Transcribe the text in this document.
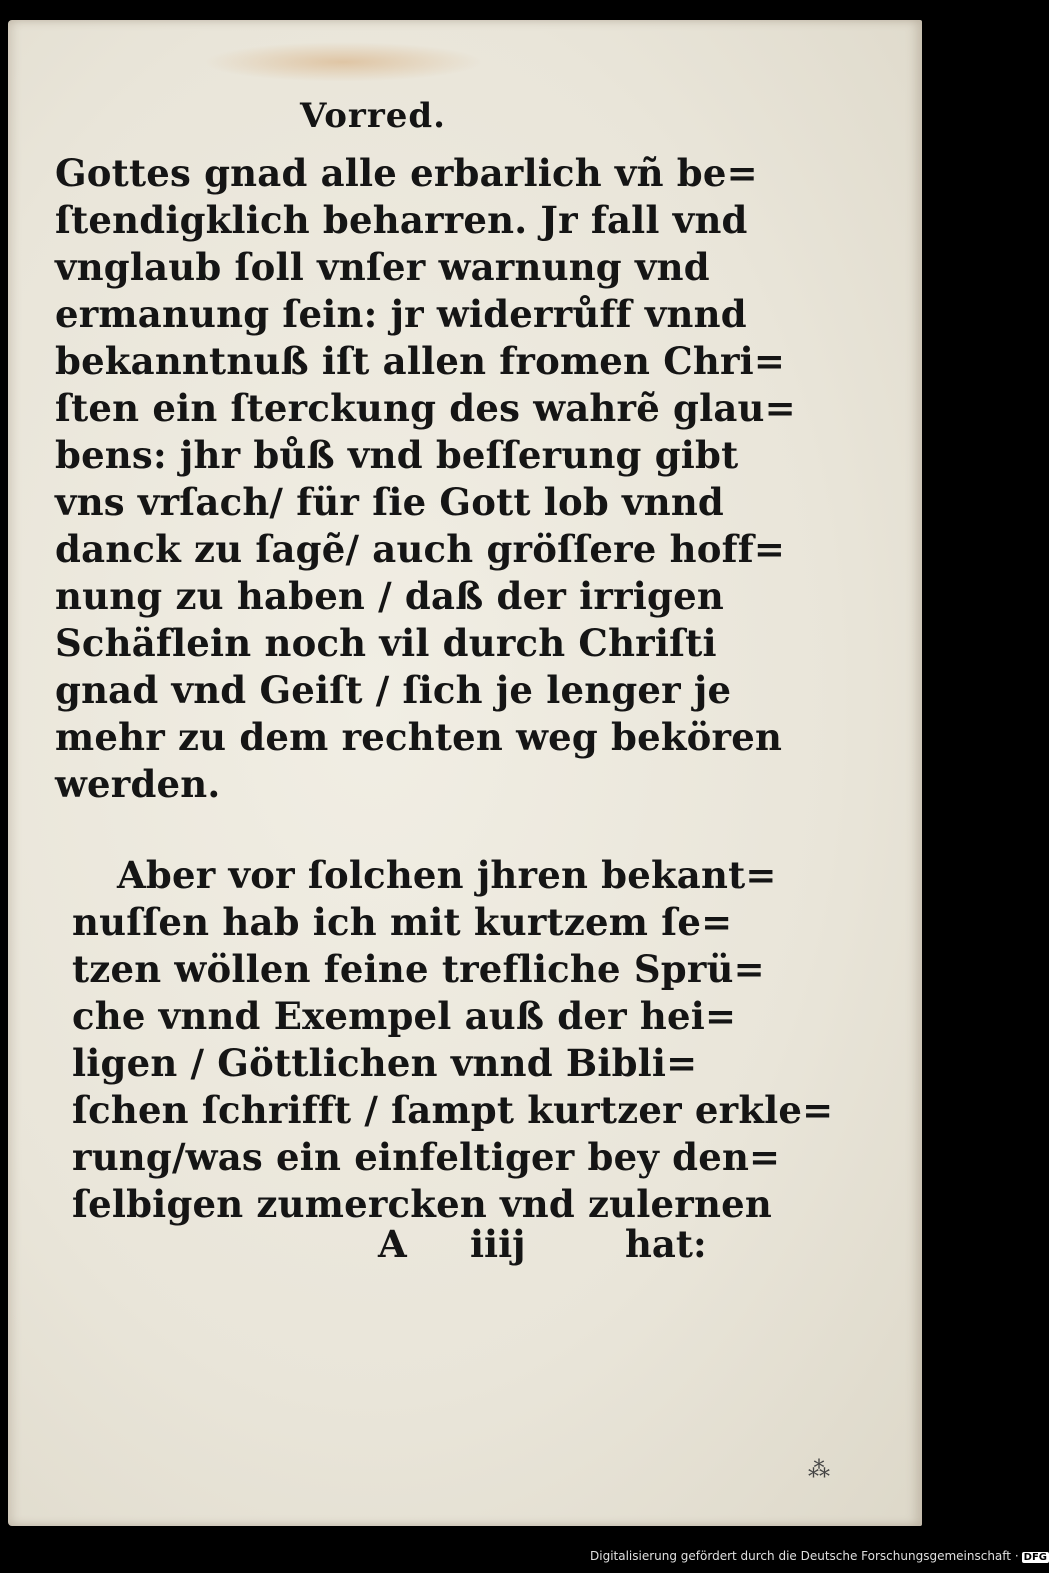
Vorred.
Gottes gnad alle erbarlich vñ be=
ſtendigklich beharren. Jr fall vnd
vnglaub ſoll vnſer warnung vnd
ermanung ſein: jr widerrůff vnnd
bekanntnuß iſt allen fromen Chri=
ſten ein ſterckung des wahrẽ glau=
bens: jhr bůß vnd beſſerung gibt
vns vrſach/ für ſie Gott lob vnnd
danck zu ſagẽ/ auch gröſſere hoff=
nung zu haben / daß der irrigen
Schäflein noch vil durch Chriſti
gnad vnd Geiſt / ſich je lenger je
mehr zu dem rechten weg bekören
werden.
Aber vor ſolchen jhren bekant=
nuſſen hab ich mit kurtzem ſe=
tzen wöllen feine trefliche Sprü=
che vnnd Exempel auß der hei=
ligen / Göttlichen vnnd Bibli=
ſchen ſchrifft / ſampt kurtzer erkle=
rung/was ein einfeltiger bey den=
ſelbigen zumercken vnd zulernen
A iiij	hat:
⁂
Digitalisierung gefördert durch die Deutsche Forschungsgemeinschaft · DFG
